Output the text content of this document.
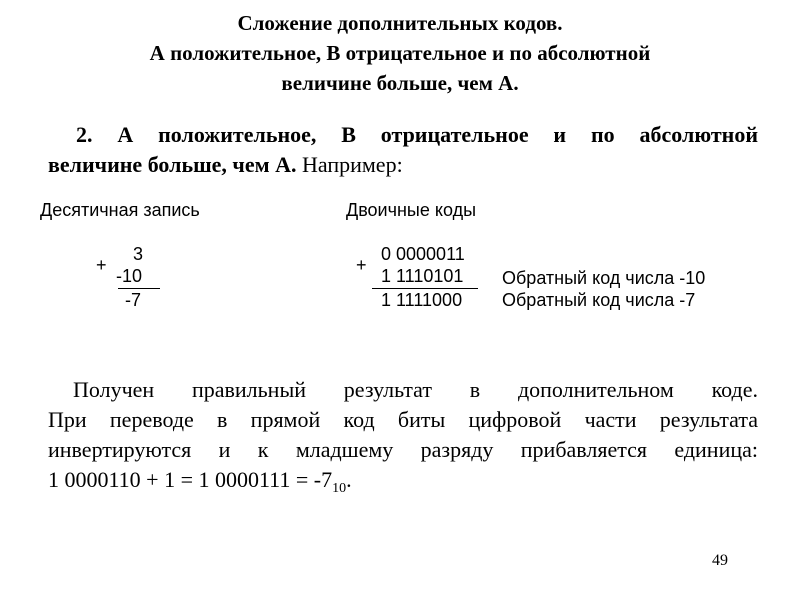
Сложение дополнительных кодов.
А положительное, В отрицательное и по абсолютной
величине больше, чем А.
2. А положительное, В отрицательное и по абсолютной
величине больше, чем А. Например:
Десятичная запись	Двоичные коды
+
3
-10
-7
+
0 0000011
1 1110101
1 1111000
Обратный код числа -10
Обратный код числа -7
Получен правильный результат в дополнительном коде.
При переводе в прямой код биты цифровой части результата
инвертируются и к младшему разряду прибавляется единица:
1 0000110 + 1 = 1 $0000111 = -7_{10}$.
49
